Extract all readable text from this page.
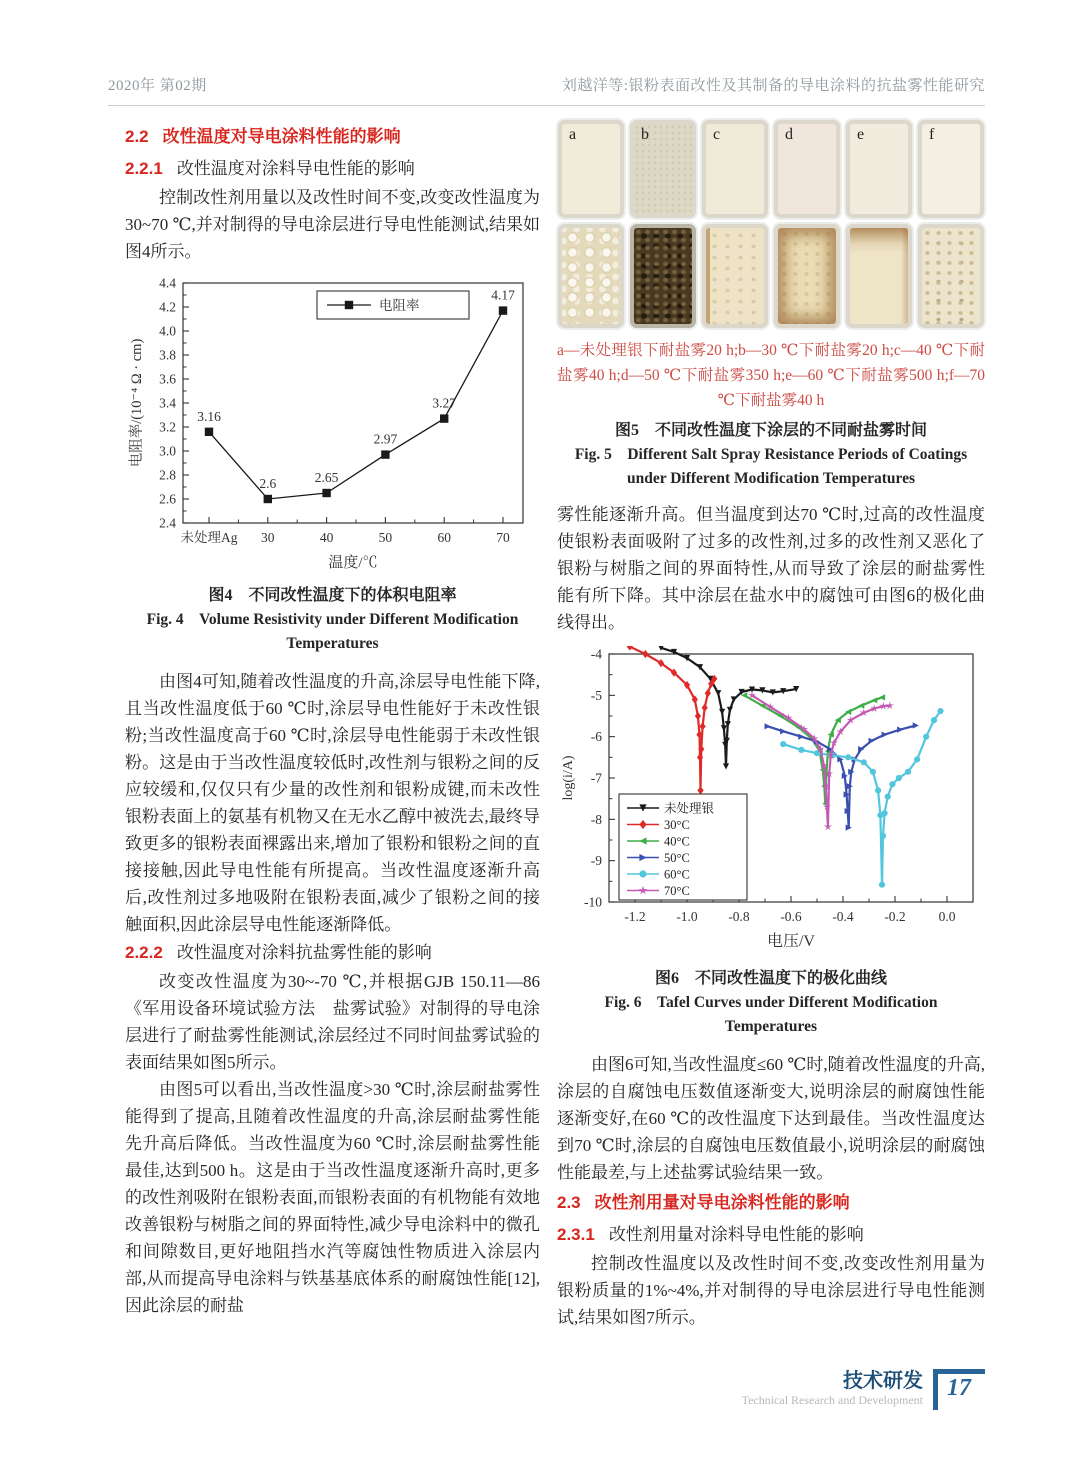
2020年 第02期	刘越洋等:银粉表面改性及其制备的导电涂料的抗盐雾性能研究

2.2 改性温度对导电涂料性能的影响

2.2.1 改性温度对涂料导电性能的影响

控制改性剂用量以及改性时间不变,改变改性温度为30~70 ℃,并对制得的导电涂层进行导电性能测试,结果如图4所示。

2.4
2.6
2.8
3.0
3.2
3.4
3.6
3.8
4.0
4.2
4.4
未处理Ag 30	40	50	60	70
温度/℃
电阻率/(10⁻⁴ Ω · cm)	3.16
2.6	2.65
2.97
3.27
4.17
电阻率

图4　不同改性温度下的体积电阻率

Fig. 4　Volume Resistivity under Different Modification Temperatures

由图4可知,随着改性温度的升高,涂层导电性能下降,且当改性温度低于60 ℃时,涂层导电性能好于未改性银粉;当改性温度高于60 ℃时,涂层导电性能弱于未改性银粉。这是由于当改性温度较低时,改性剂与银粉之间的反应较缓和,仅仅只有少量的改性剂和银粉成键,而未改性银粉表面上的氨基有机物又在无水乙醇中被洗去,最终导致更多的银粉表面裸露出来,增加了银粉和银粉之间的直接接触,因此导电性能有所提高。当改性温度逐渐升高后,改性剂过多地吸附在银粉表面,减少了银粉之间的接触面积,因此涂层导电性能逐渐降低。

2.2.2 改性温度对涂料抗盐雾性能的影响

改变改性温度为30~-70 ℃,并根据GJB 150.11—86《军用设备环境试验方法　盐雾试验》对制得的导电涂层进行了耐盐雾性能测试,涂层经过不同时间盐雾试验的表面结果如图5所示。

由图5可以看出,当改性温度>30 ℃时,涂层耐盐雾性能得到了提高,且随着改性温度的升高,涂层耐盐雾性能先升高后降低。当改性温度为60 ℃时,涂层耐盐雾性能最佳,达到500 h。这是由于当改性温度逐渐升高时,更多的改性剂吸附在银粉表面,而银粉表面的有机物能有效地改善银粉与树脂之间的界面特性,减少导电涂料中的微孔和间隙数目,更好地阻挡水汽等腐蚀性物质进入涂层内部,从而提高导电涂料与铁基基底体系的耐腐蚀性能[12],因此涂层的耐盐

a	b	c	d	e	f

a—未处理银下耐盐雾20 h;b—30 ℃下耐盐雾20 h;c—40 ℃下耐盐雾40 h;d—50 ℃下耐盐雾350 h;e—60 ℃下耐盐雾500 h;f—70 ℃下耐盐雾40 h

图5　不同改性温度下涂层的不同耐盐雾时间

Fig. 5　Different Salt Spray Resistance Periods of Coatings under Different Modification Temperatures

雾性能逐渐升高。但当温度到达70 ℃时,过高的改性温度使银粉表面吸附了过多的改性剂,过多的改性剂又恶化了银粉与树脂之间的界面特性,从而导致了涂层的耐盐雾性能有所下降。其中涂层在盐水中的腐蚀可由图6的极化曲线得出。

-1.2 -1.0 -0.8 -0.6 -0.4 -0.2 0.0
-10
-9
-8
-7
-6
-5
-4
电压/V
log(i/A)
未处理银
30°C
40°C
50°C
60°C
70°C

图6　不同改性温度下的极化曲线

Fig. 6　Tafel Curves under Different Modification Temperatures

由图6可知,当改性温度≤60 ℃时,随着改性温度的升高,涂层的自腐蚀电压数值逐渐变大,说明涂层的耐腐蚀性能逐渐变好,在60 ℃的改性温度下达到最佳。当改性温度达到70 ℃时,涂层的自腐蚀电压数值最小,说明涂层的耐腐蚀性能最差,与上述盐雾试验结果一致。

2.3 改性剂用量对导电涂料性能的影响

2.3.1 改性剂用量对涂料导电性能的影响

控制改性温度以及改性时间不变,改变改性剂用量为银粉质量的1%~4%,并对制得的导电涂层进行导电性能测试,结果如图7所示。

技术研发
Technical Research and Development	17
